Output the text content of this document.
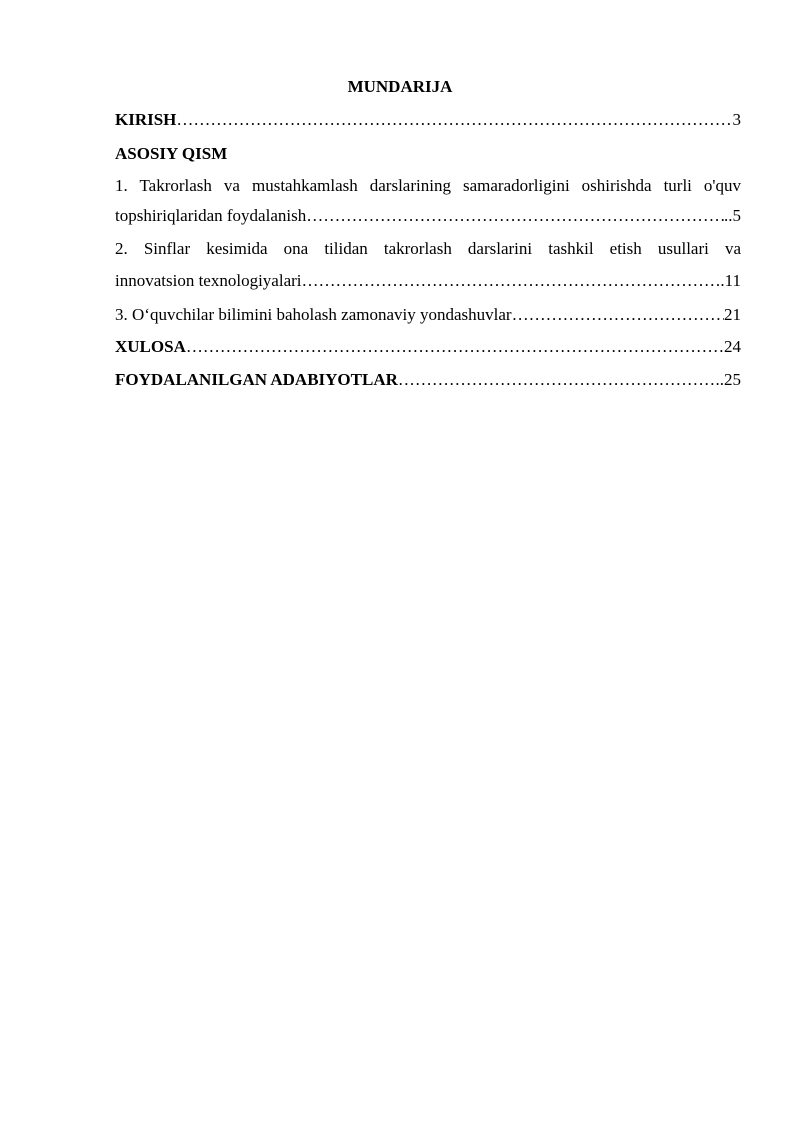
MUNDARIJA
KIRISH …………………………………………………………………………………………………………………………………………………………………………………………	3
ASOSIY QISM
1. Takrorlash va mustahkamlash darslarining samaradorligini oshirishda turli o'quv
topshiriqlaridan foydalanish …………………………………………………………………………………………………………………………………………………………………………………………	..5
2. Sinflar kesimida ona tilidan takrorlash darslarini tashkil etish usullari va
innovatsion texnologiyalari …………………………………………………………………………………………………………………………………………………………………………………………	.11
3. O‘quvchilar bilimini baholash zamonaviy yondashuvlar …………………………………………………………………………………………………………………………………………………………………………………………	21
XULOSA …………………………………………………………………………………………………………………………………………………………………………………………	24
FOYDALANILGAN ADABIYOTLAR …………………………………………………………………………………………………………………………………………………………………………………………	..25
